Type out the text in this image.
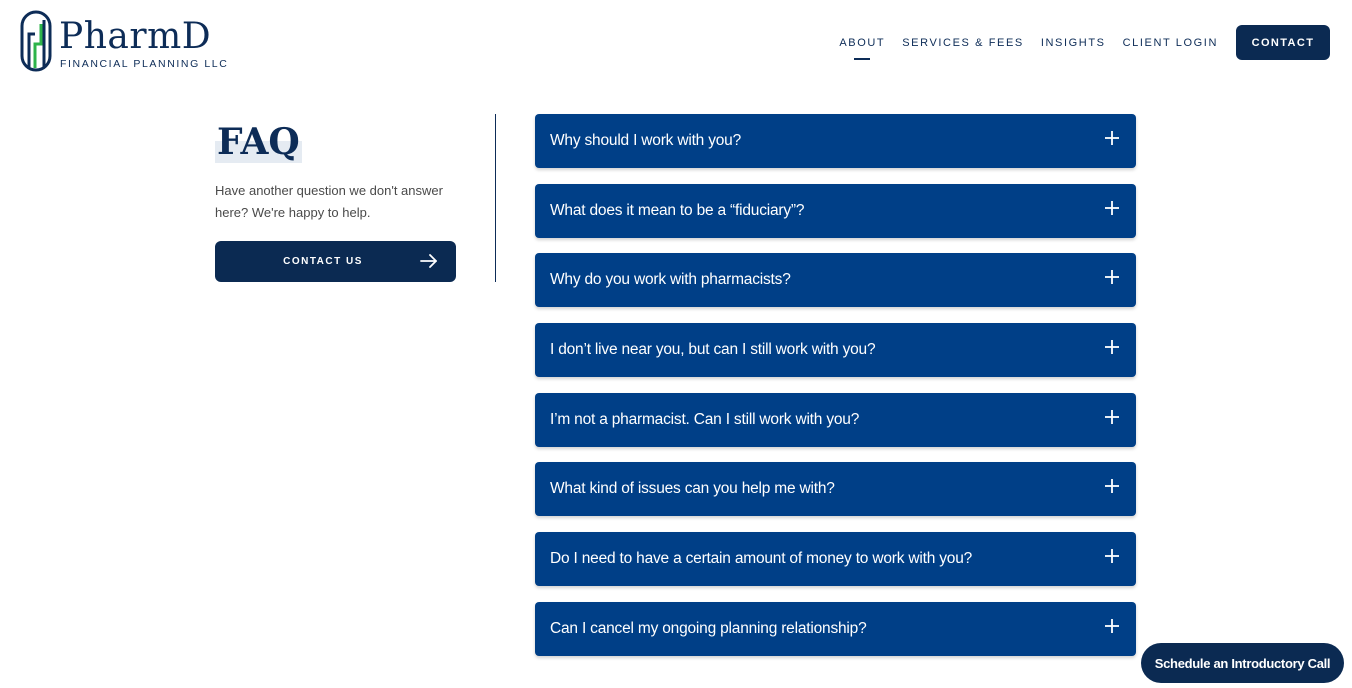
PharmD
FINANCIAL PLANNING LLC
ABOUT SERVICES & FEES INSIGHTS CLIENT LOGIN	CONTACT
FAQ

Have another question we don't answer here? We're happy to help.

CONTACT US
Why should I work with you?
What does it mean to be a “fiduciary”?
Why do you work with pharmacists?
I don’t live near you, but can I still work with you?
I’m not a pharmacist. Can I still work with you?
What kind of issues can you help me with?
Do I need to have a certain amount of money to work with you?
Can I cancel my ongoing planning relationship?
Schedule an Introductory Call
